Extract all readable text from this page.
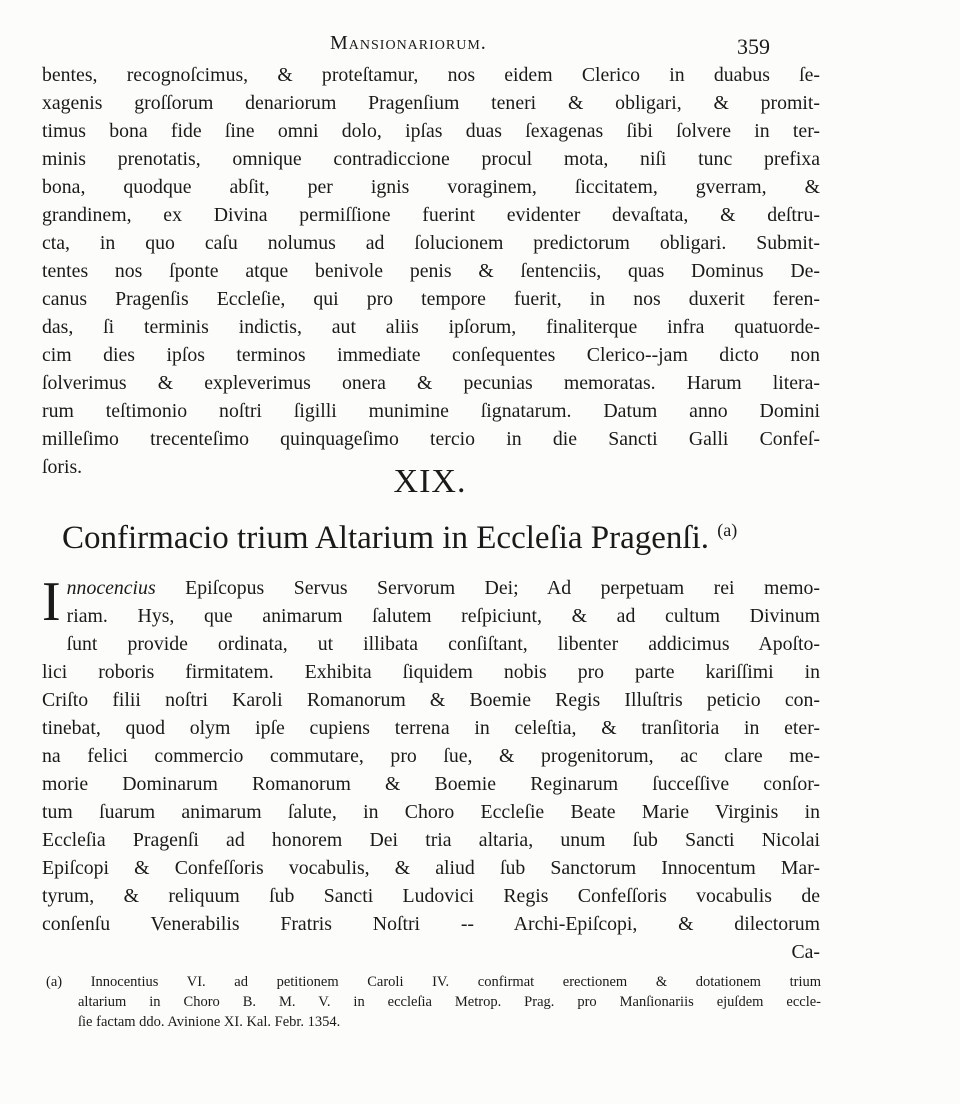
Mansionariorum.	359
bentes, recognoſcimus, & proteſtamur, nos eidem Clerico in duabus ſe-
xagenis groſſorum denariorum Pragenſium teneri & obligari, & promit-
timus bona fide ſine omni dolo, ipſas duas ſexagenas ſibi ſolvere in ter-
minis prenotatis, omnique contradiccione procul mota, niſi tunc prefixa
bona, quodque abſit, per ignis voraginem, ſiccitatem, gverram, &
grandinem, ex Divina permiſſione fuerint evidenter devaſtata, & deſtru-
cta, in quo caſu nolumus ad ſolucionem predictorum obligari. Submit-
tentes nos ſponte atque benivole penis & ſentenciis, quas Dominus De-
canus Pragenſis Eccleſie, qui pro tempore fuerit, in nos duxerit feren-
das, ſi terminis indictis, aut aliis ipſorum, finaliterque infra quatuorde-
cim dies ipſos terminos immediate conſequentes Clerico--jam dicto non
ſolverimus & expleverimus onera & pecunias memoratas. Harum litera-
rum teſtimonio noſtri ſigilli munimine ſignatarum. Datum anno Domini
milleſimo trecenteſimo quinquageſimo tercio in die Sancti Galli Confeſ-
ſoris.	XIX.
Confirmacio trium Altarium in Eccleſia Pragenſi. $^{(a)}$
I nnocencius Epiſcopus Servus Servorum Dei; Ad perpetuam rei memo-
riam. Hys, que animarum ſalutem reſpiciunt, & ad cultum Divinum
ſunt provide ordinata, ut illibata conſiſtant, libenter addicimus Apoſto-
lici roboris firmitatem. Exhibita ſiquidem nobis pro parte kariſſimi in
Criſto filii noſtri Karoli Romanorum & Boemie Regis Illuſtris peticio con-
tinebat, quod olym ipſe cupiens terrena in celeſtia, & tranſitoria in eter-
na felici commercio commutare, pro ſue, & progenitorum, ac clare me-
morie Dominarum Romanorum & Boemie Reginarum ſucceſſive conſor-
tum ſuarum animarum ſalute, in Choro Eccleſie Beate Marie Virginis in
Eccleſia Pragenſi ad honorem Dei tria altaria, unum ſub Sancti Nicolai
Epiſcopi & Confeſſoris vocabulis, & aliud ſub Sanctorum Innocentum Mar-
tyrum, & reliquum ſub Sancti Ludovici Regis Confeſſoris vocabulis de
conſenſu Venerabilis Fratris Noſtri -- Archi-Epiſcopi, & dilectorum
Ca-
(a) Innocentius VI. ad petitionem Caroli IV. confirmat erectionem & dotationem trium
altarium in Choro B. M. V. in eccleſia Metrop. Prag. pro Manſionariis ejuſdem eccle-
ſie factam ddo. Avinione XI. Kal. Febr. 1354.
